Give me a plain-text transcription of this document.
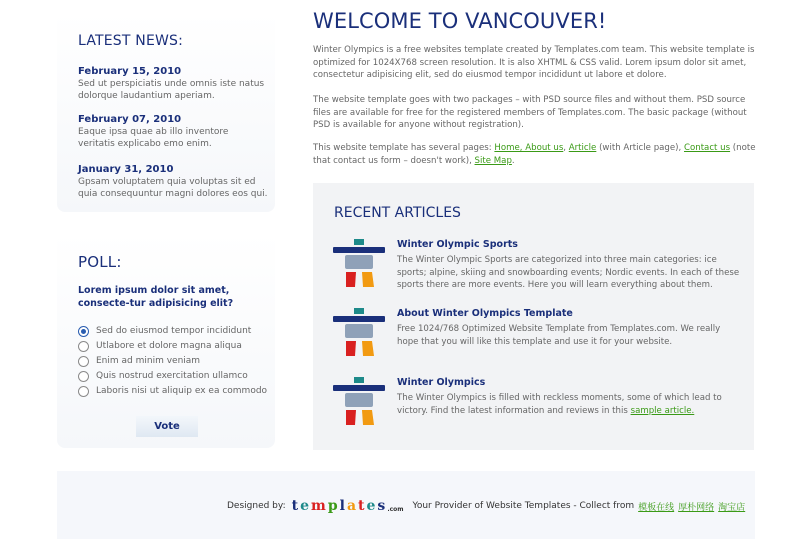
LATEST NEWS:
February 15, 2010
Sed ut perspiciatis unde omnis iste natus dolorque laudantium aperiam.
February 07, 2010
Eaque ipsa quae ab illo inventore veritatis explicabo emo enim.
January 31, 2010
Gpsam voluptatem quia voluptas sit ed quia consequuntur magni dolores eos qui.
POLL:
Lorem ipsum dolor sit amet, consecte-tur adipisicing elit?
Sed do eiusmod tempor incididunt
Utlabore et dolore magna aliqua
Enim ad minim veniam
Quis nostrud exercitation ullamco
Laboris nisi ut aliquip ex ea commodo
Vote
WELCOME TO VANCOUVER!

Winter Olympics is a free websites template created by Templates.com team. This website template is optimized for 1024X768 screen resolution. It is also XHTML & CSS valid. Lorem ipsum dolor sit amet, consectetur adipisicing elit, sed do eiusmod tempor incididunt ut labore et dolore.

The website template goes with two packages – with PSD source files and without them. PSD source files are available for free for the registered members of Templates.com. The basic package (without PSD is available for anyone without registration).

This website template has several pages: Home, About us, Article (with Article page), Contact us (note that contact us form – doesn't work), Site Map.

RECENT ARTICLES
Winter Olympic Sports

The Winter Olympic Sports are categorized into three main categories: ice sports; alpine, skiing and snowboarding events; Nordic events. In each of these sports there are more events. Here you will learn everything about them.

About Winter Olympics Template

Free 1024/768 Optimized Website Template from Templates.com. We really hope that you will like this template and use it for your website.

Winter Olympics

The Winter Olympics is filled with reckless moments, some of which lead to victory. Find the latest information and reviews in this sample article.

Designed by: t e m p l a t e s .com Your Provider of Website Templates - Collect from 模板在线 厚朴网络 淘宝店
